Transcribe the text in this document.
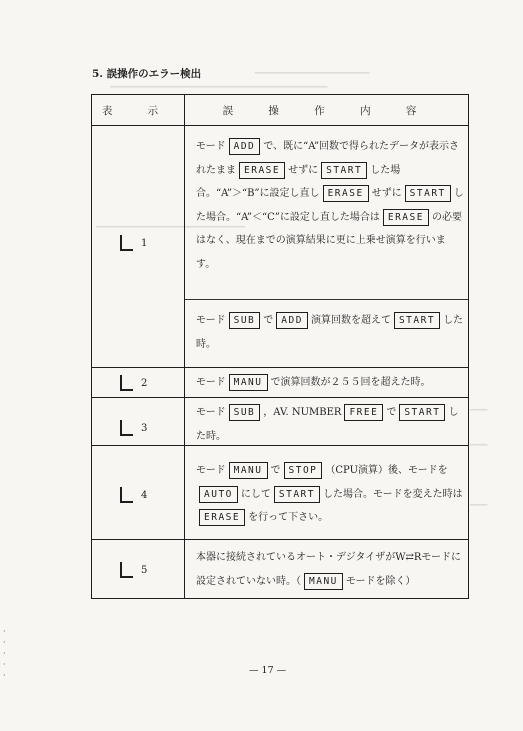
━━━━━━━━━━━━━━━━━━━━
━━━━━━━━━━━━━━━━━━━━━━━━━━━━━━━━━━━━━━
━━━━━━━━━━━━━━━━━━━━━━━━━━
━━━
━━━
━━━
5. 誤操作のエラー検出
表 示	誤 操 作 内 容
1
2
3
4
5
モード ADD で、既に“A”回数で得られたデータが表示されたまま ERASE せずに START した場合。“A”＞“B”に設定し直し ERASE せずに START した場合。“A”＜“C”に設定し直した場合は ERASE の必要はなく、現在までの演算結果に更に上乗せ演算を行います。
モード SUB で ADD 演算回数を超えて START した時。
モード MANU で演算回数が２５５回を超えた時。
モード SUB ，AV. NUMBER FREE で START した時。
モード MANU で STOP （CPU演算）後、モードをAUTO にして START した場合。モードを変えた時はERASE を行って下さい。
本器に接続されているオート・デジタイザがW⇄Rモードに設定されていない時。（ MANU モードを除く）
·
·
·
·
·	— 17 —
